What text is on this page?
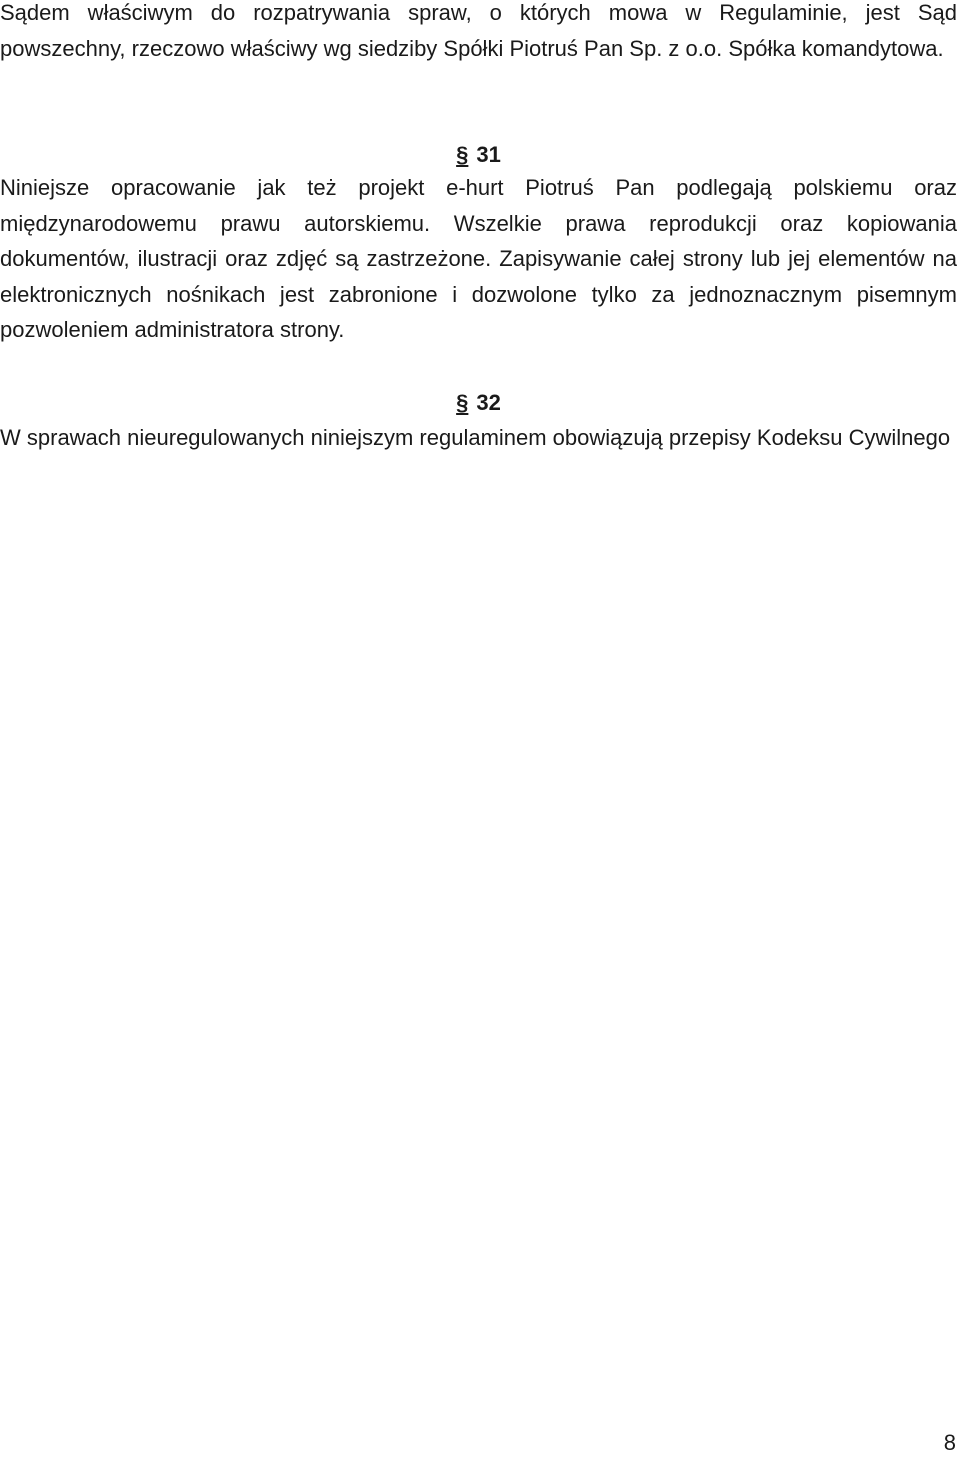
Sądem właściwym do rozpatrywania spraw, o których mowa w Regulaminie, jest Sąd powszechny, rzeczowo właściwy wg siedziby Spółki Piotruś Pan Sp. z o.o. Spółka komandytowa.

§ 31

Niniejsze opracowanie jak też projekt e-hurt Piotruś Pan podlegają polskiemu oraz międzynarodowemu prawu autorskiemu. Wszelkie prawa reprodukcji oraz kopiowania dokumentów, ilustracji oraz zdjęć są zastrzeżone. Zapisywanie całej strony lub jej elementów na elektronicznych nośnikach jest zabronione i dozwolone tylko za jednoznacznym pisemnym pozwoleniem administratora strony.

§ 32

W sprawach nieuregulowanych niniejszym regulaminem obowiązują przepisy Kodeksu Cywilnego

8
